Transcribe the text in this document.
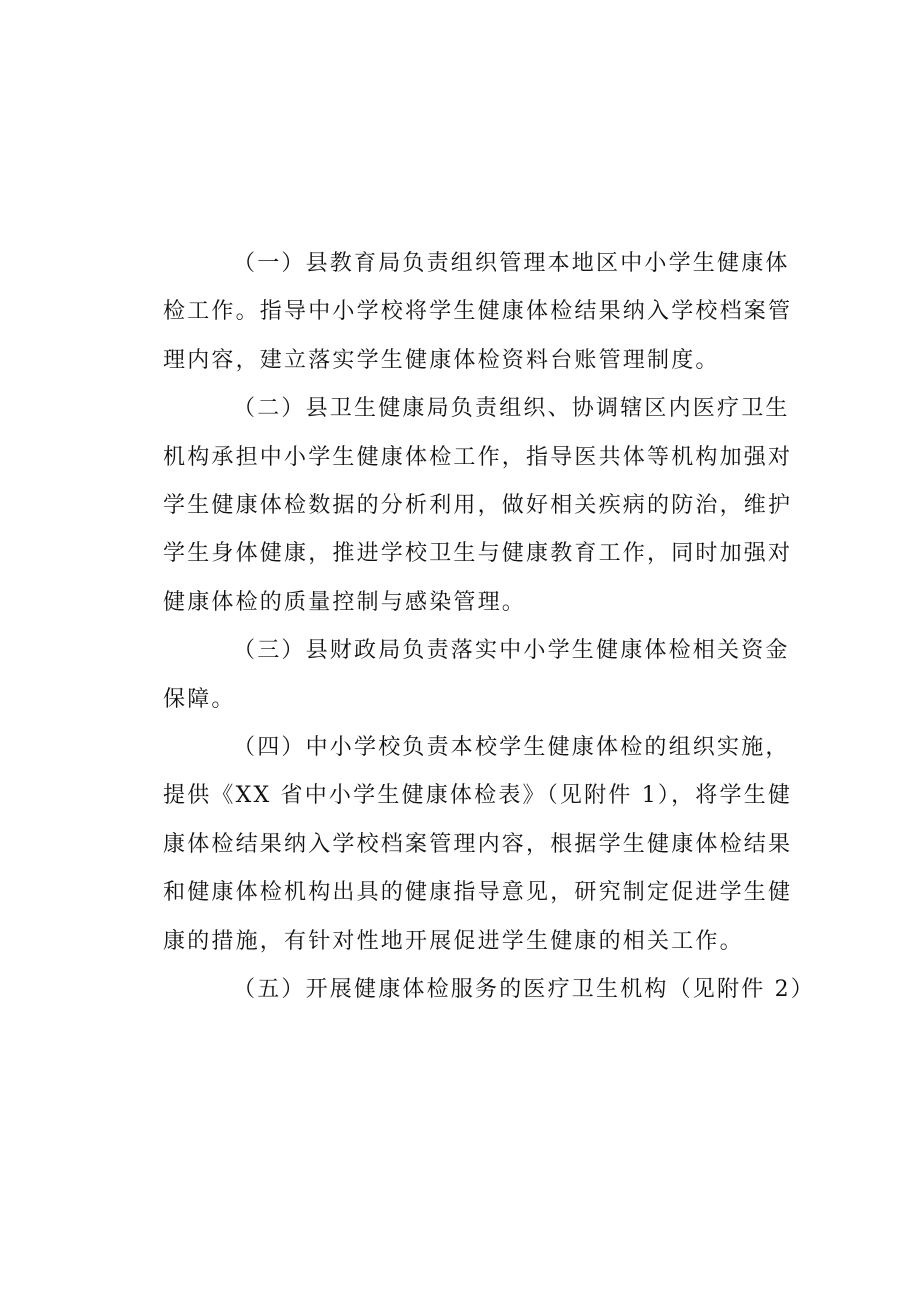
（一）县教育局负责组织管理本地区中小学生健康体
检工作。指导中小学校将学生健康体检结果纳入学校档案管
理内容，建立落实学生健康体检资料台账管理制度。
（二）县卫生健康局负责组织、协调辖区内医疗卫生
机构承担中小学生健康体检工作，指导医共体等机构加强对
学生健康体检数据的分析利用，做好相关疾病的防治，维护
学生身体健康，推进学校卫生与健康教育工作，同时加强对
健康体检的质量控制与感染管理。
（三）县财政局负责落实中小学生健康体检相关资金
保障。
（四）中小学校负责本校学生健康体检的组织实施，
提供《XX 省中小学生健康体检表》（见附件 1），将学生健
康体检结果纳入学校档案管理内容，根据学生健康体检结果
和健康体检机构出具的健康指导意见，研究制定促进学生健
康的措施，有针对性地开展促进学生健康的相关工作。
（五）开展健康体检服务的医疗卫生机构（见附件 2）
